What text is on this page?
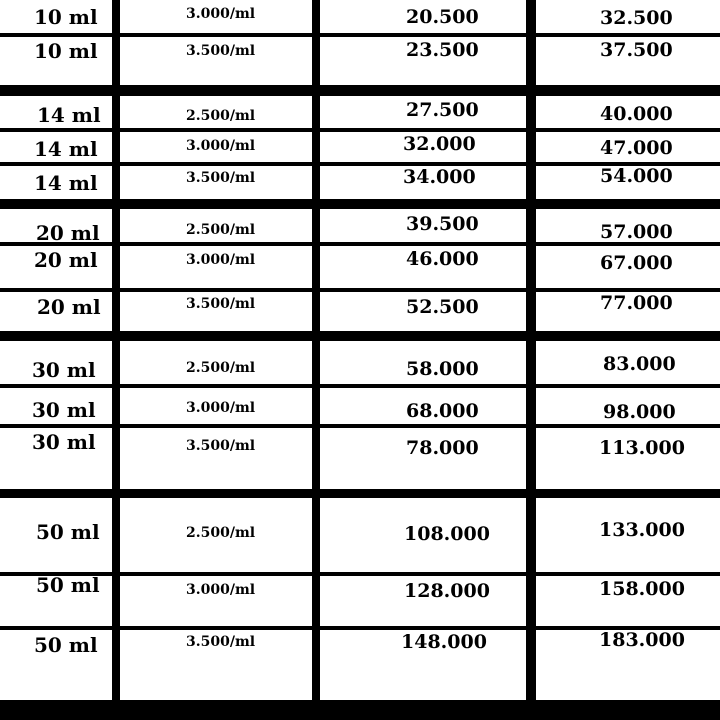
10 ml	3.000/ml	20.500	32.500
10 ml	3.500/ml	23.500	37.500
14 ml	2.500/ml	27.500	40.000
14 ml	3.000/ml	32.000	47.000
14 ml	3.500/ml	34.000	54.000
20 ml	2.500/ml	39.500	57.000
20 ml	3.000/ml	46.000	67.000
20 ml	3.500/ml	52.500	77.000
30 ml	2.500/ml	58.000	83.000
30 ml	3.000/ml	68.000	98.000
30 ml	3.500/ml	78.000	113.000
50 ml	2.500/ml	108.000	133.000
50 ml	3.000/ml	128.000	158.000
50 ml	3.500/ml	148.000	183.000
